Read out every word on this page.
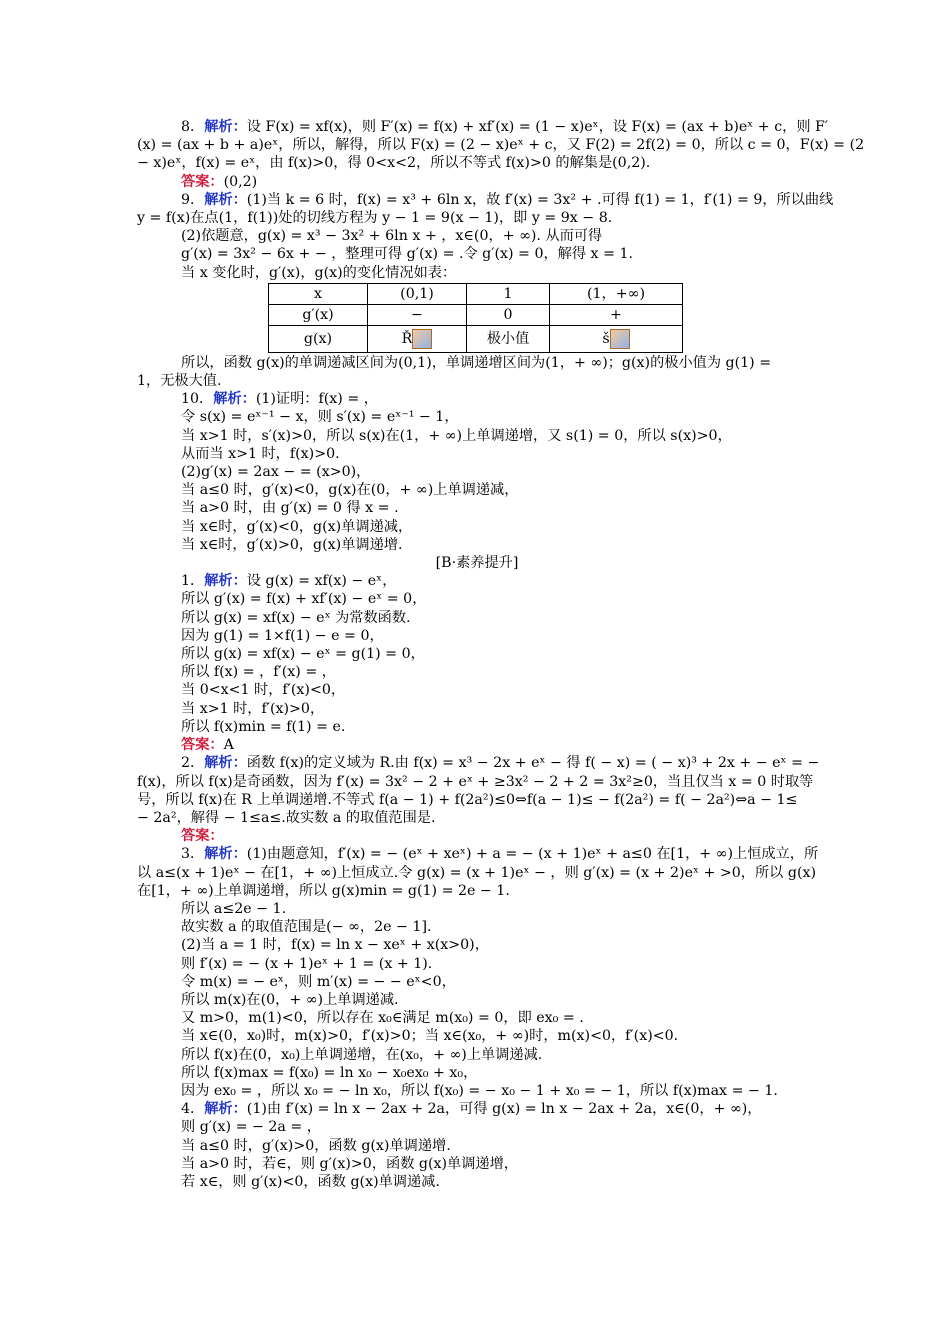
8．解析：设 F(x) = xf(x)，则 F′(x) = f(x) + xf′(x) = (1 − x)eˣ，设 F(x) = (ax + b)eˣ + c，则 F′
(x) = (ax + b + a)eˣ，所以，解得，所以 F(x) = (2 − x)eˣ + c，又 F(2) = 2f(2) = 0，所以 c = 0，F(x) = (2
− x)eˣ，f(x) = eˣ，由 f(x)>0，得 0<x<2，所以不等式 f(x)>0 的解集是(0,2).
答案：(0,2)
9．解析：(1)当 k = 6 时，f(x) = x³ + 6ln x，故 f′(x) = 3x² + .可得 f(1) = 1，f′(1) = 9，所以曲线
y = f(x)在点(1，f(1))处的切线方程为 y − 1 = 9(x − 1)，即 y = 9x − 8.
(2)依题意，g(x) = x³ − 3x² + 6ln x + ，x∈(0，+ ∞). 从而可得
g′(x) = 3x² − 6x + − ，整理可得 g′(x) = .令 g′(x) = 0，解得 x = 1.
当 x 变化时，g′(x)，g(x)的变化情况如表：
x	(0,1)	1	(1，+∞)
g′(x)	−	0	+
g(x)	Ř	极小值	š
所以，函数 g(x)的单调递减区间为(0,1)，单调递增区间为(1，+ ∞)；g(x)的极小值为 g(1) =
1，无极大值.
10．解析：(1)证明：f(x) = ，
令 s(x) = eˣ⁻¹ − x，则 s′(x) = eˣ⁻¹ − 1，
当 x>1 时，s′(x)>0，所以 s(x)在(1，+ ∞)上单调递增，又 s(1) = 0，所以 s(x)>0，
从而当 x>1 时，f(x)>0.
(2)g′(x) = 2ax − = (x>0)，
当 a≤0 时，g′(x)<0，g(x)在(0，+ ∞)上单调递减，
当 a>0 时，由 g′(x) = 0 得 x = .
当 x∈时，g′(x)<0，g(x)单调递减，
当 x∈时，g′(x)>0，g(x)单调递增.
[B·素养提升]
1．解析：设 g(x) = xf(x) − eˣ，
所以 g′(x) = f(x) + xf′(x) − eˣ = 0，
所以 g(x) = xf(x) − eˣ 为常数函数.
因为 g(1) = 1×f(1) − e = 0，
所以 g(x) = xf(x) − eˣ = g(1) = 0，
所以 f(x) = ，f′(x) = ，
当 0<x<1 时，f′(x)<0，
当 x>1 时，f′(x)>0，
所以 f(x)min = f(1) = e.
答案：A
2．解析：函数 f(x)的定义域为 R.由 f(x) = x³ − 2x + eˣ − 得 f( − x) = ( − x)³ + 2x + − eˣ = −
f(x)，所以 f(x)是奇函数，因为 f′(x) = 3x² − 2 + eˣ + ≥3x² − 2 + 2 = 3x²≥0，当且仅当 x = 0 时取等
号，所以 f(x)在 R 上单调递增.不等式 f(a − 1) + f(2a²)≤0⇔f(a − 1)≤ − f(2a²) = f( − 2a²)⇔a − 1≤
− 2a²，解得 − 1≤a≤.故实数 a 的取值范围是.
答案：
3．解析：(1)由题意知，f′(x) = − (eˣ + xeˣ) + a = − (x + 1)eˣ + a≤0 在[1，+ ∞)上恒成立，所
以 a≤(x + 1)eˣ − 在[1，+ ∞)上恒成立.令 g(x) = (x + 1)eˣ − ，则 g′(x) = (x + 2)eˣ + >0，所以 g(x)
在[1，+ ∞)上单调递增，所以 g(x)min = g(1) = 2e − 1.
所以 a≤2e − 1.
故实数 a 的取值范围是(− ∞，2e − 1].
(2)当 a = 1 时，f(x) = ln x − xeˣ + x(x>0)，
则 f′(x) = − (x + 1)eˣ + 1 = (x + 1).
令 m(x) = − eˣ，则 m′(x) = − − eˣ<0，
所以 m(x)在(0，+ ∞)上单调递减.
又 m>0，m(1)<0，所以存在 x₀∈满足 m(x₀) = 0，即 ex₀ = .
当 x∈(0，x₀)时，m(x)>0，f′(x)>0；当 x∈(x₀，+ ∞)时，m(x)<0，f′(x)<0.
所以 f(x)在(0，x₀)上单调递增，在(x₀，+ ∞)上单调递减.
所以 f(x)max = f(x₀) = ln x₀ − x₀ex₀ + x₀，
因为 ex₀ = ，所以 x₀ = − ln x₀，所以 f(x₀) = − x₀ − 1 + x₀ = − 1，所以 f(x)max = − 1.
4．解析：(1)由 f′(x) = ln x − 2ax + 2a，可得 g(x) = ln x − 2ax + 2a，x∈(0，+ ∞)，
则 g′(x) = − 2a = ，
当 a≤0 时，g′(x)>0，函数 g(x)单调递增.
当 a>0 时，若∈，则 g′(x)>0，函数 g(x)单调递增，
若 x∈，则 g′(x)<0，函数 g(x)单调递减.
